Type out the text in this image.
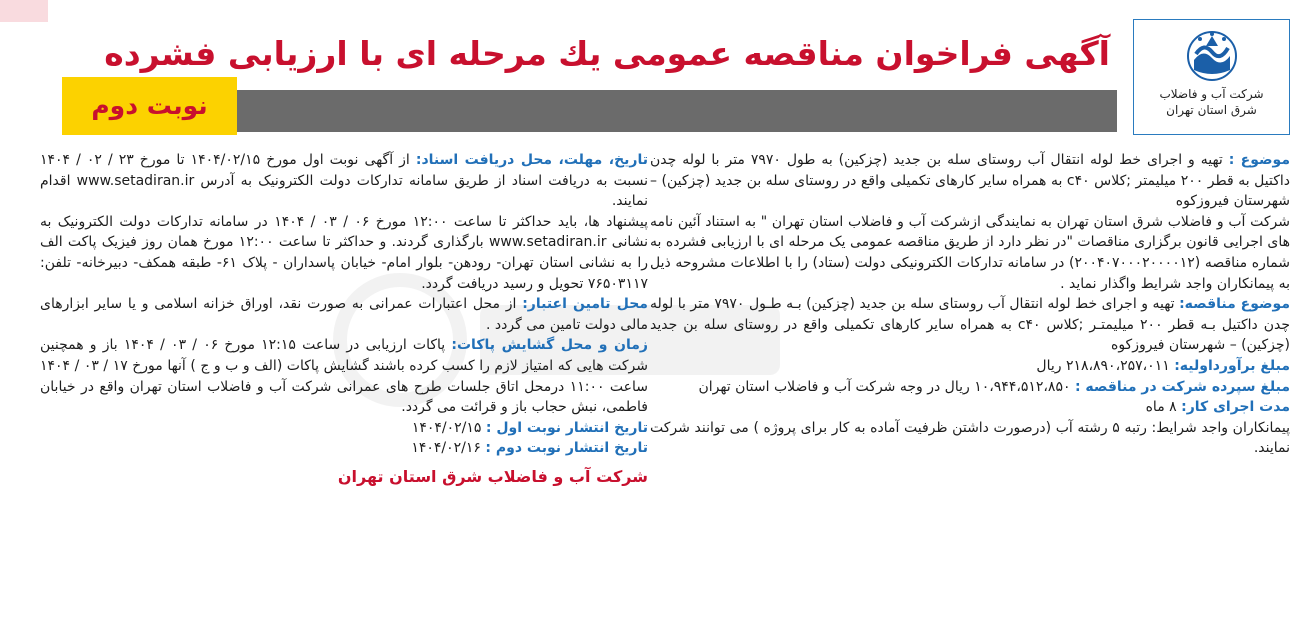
شرکت آب و فاضلاب
شرق استان تهران
آگهی فراخوان مناقصه عمومی یك مرحله ای با ارزیابی فشرده
نوبت دوم

موضوع : تهیه و اجرای خط لوله انتقال آب روستای سله بن جدید (چزکین) به طول ۷۹۷۰ متر با لوله چدن داکتیل به قطر ۲۰۰ میلیمتر ;کلاس c۴۰ به همراه سایر کارهای تکمیلی واقع در روستای سله بن جدید (چزکین) – شهرستان فیروزکوه

شرکت آب و فاضلاب شرق استان تهران به نمایندگی ازشرکت آب و فاضلاب استان تهران " به استناد آئین نامه های اجرایی قانون برگزاری مناقصات "در نظر دارد از طریق مناقصه عمومی یک مرحله ای با ارزیابی فشرده به شماره مناقصه (۲۰۰۴۰۷۰۰۰۲۰۰۰۰۱۲) در سامانه تدارکات الکترونیکی دولت (ستاد) را با اطلاعات مشروحه ذیل به پیمانکاران واجد شرایط واگذار نماید .

موضوع مناقصه: تهیه و اجرای خط لوله انتقال آب روستای سله بن جدید (چزکین) بـه طـول ۷۹۷۰ متر با لوله چدن داکتیل بـه قطر ۲۰۰ میلیمتـر ;کلاس c۴۰ به همراه سایر کارهای تکمیلی واقع در روستای سله بن جدید (چزکین) – شهرستان فیروزکوه

مبلغ برآورداولیه: ۲۱۸،۸۹۰،۲۵۷،۰۱۱ ریال

مبلغ سپرده شرکت در مناقصه : ۱۰،۹۴۴،۵۱۲،۸۵۰ ریال در وجه شرکت آب و فاضلاب استان تهران

مدت اجرای کار: ۸ ماه

پیمانکاران واجد شرایط: رتبه ۵ رشته آب (درصورت داشتن ظرفیت آماده به کار برای پروژه ) می توانند شرکت نمایند.

تاریخ، مهلت، محل دریافت اسناد: از آگهی نوبت اول مورخ ۱۴۰۴/۰۲/۱۵ تا مورخ ۲۳ / ۰۲ / ۱۴۰۴ نسبت به دریافت اسناد از طریق سامانه تدارکات دولت الکترونیک به آدرس www.setadiran.ir اقدام نمایند.

پیشنهاد ها، باید حداکثر تا ساعت ۱۲:۰۰ مورخ ۰۶ / ۰۳ / ۱۴۰۴ در سامانه تدارکات دولت الکترونیک به نشانی www.setadiran.ir بارگذاری گردند. و حداکثر تا ساعت ۱۲:۰۰ مورخ همان روز فیزیک پاکت الف را به نشانی استان تهران- رودهن- بلوار امام- خیابان پاسداران - پلاک ۶۱- طبقه همکف- دبیرخانه- تلفن: ۷۶۵۰۳۱۱۷ تحویل و رسید دریافت گردد.

محل تامین اعتبار: از محل اعتبارات عمرانی به صورت نقد، اوراق خزانه اسلامی و یا سایر ابزارهای مالی دولت تامین می گردد .

زمان و محل گشایش پاکات: پاکات ارزیابی در ساعت ۱۲:۱۵ مورخ ۰۶ / ۰۳ / ۱۴۰۴ باز و همچنین شرکت هایی که امتیاز لازم را کسب کرده باشند گشایش پاکات (الف و ب و ج ) آنها مورخ ۱۷ / ۰۳ / ۱۴۰۴ ساعت ۱۱:۰۰ درمحل اتاق جلسات طرح های عمرانی شرکت آب و فاضلاب استان تهران واقع در خیابان فاطمی، نبش حجاب باز و قرائت می گردد.

تاریخ انتشار نوبت اول : ۱۴۰۴/۰۲/۱۵

تاریخ انتشار نوبت دوم : ۱۴۰۴/۰۲/۱۶

شرکت آب و فاضلاب شرق استان تهران
